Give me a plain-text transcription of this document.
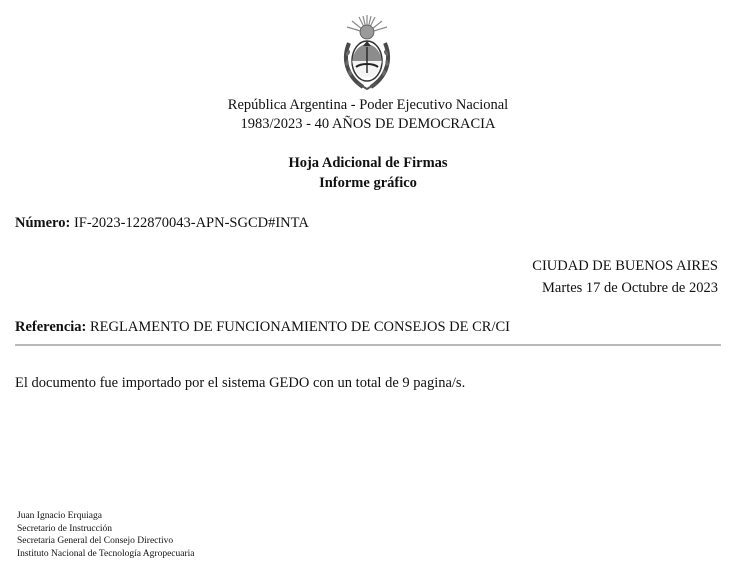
República Argentina - Poder Ejecutivo Nacional
1983/2023 - 40 AÑOS DE DEMOCRACIA
Hoja Adicional de Firmas
Informe gráfico
Número: IF-2023-122870043-APN-SGCD#INTA
CIUDAD DE BUENOS AIRES
Martes 17 de Octubre de 2023
Referencia: REGLAMENTO DE FUNCIONAMIENTO DE CONSEJOS DE CR/CI
El documento fue importado por el sistema GEDO con un total de 9 pagina/s.
Juan Ignacio Erquiaga
Secretario de Instrucción
Secretaria General del Consejo Directivo
Instituto Nacional de Tecnología Agropecuaria
